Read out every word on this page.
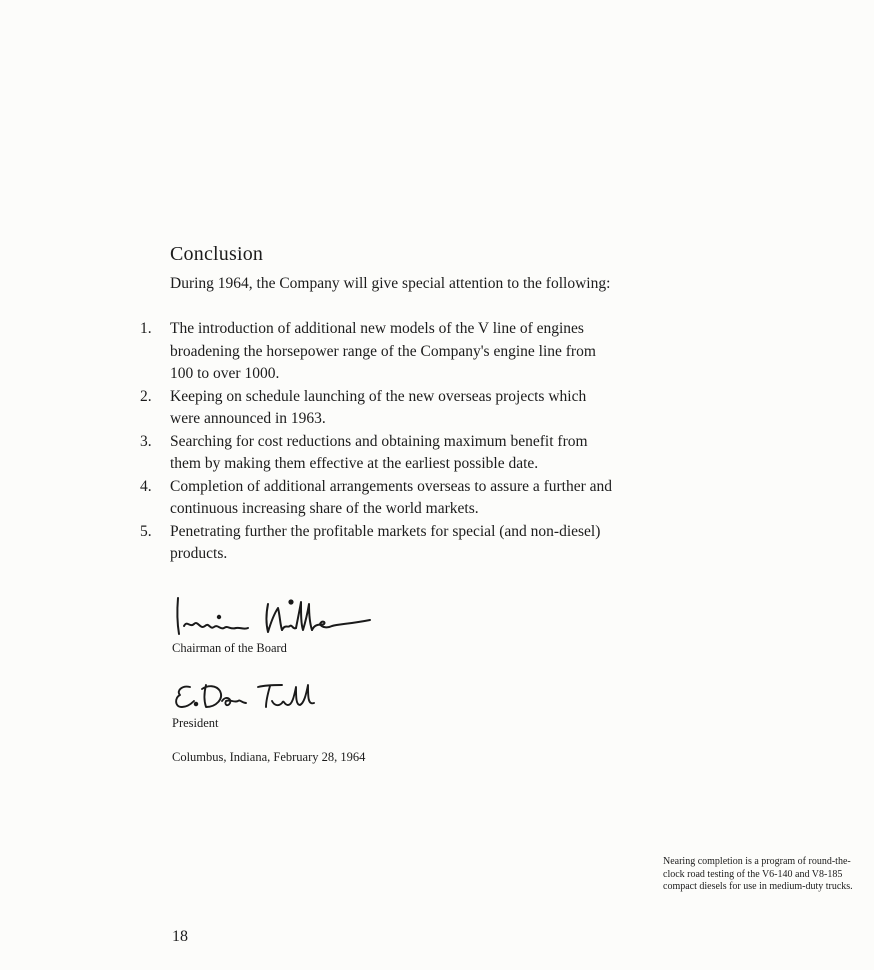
Conclusion
During 1964, the Company will give special attention to the following:
1.	The introduction of additional new models of the V line of engines broadening the horsepower range of the Company's engine line from 100 to over 1000.
2.	Keeping on schedule launching of the new overseas projects which were announced in 1963.
3.	Searching for cost reductions and obtaining maximum benefit from them by making them effective at the earliest possible date.
4.	Completion of additional arrangements overseas to assure a further and continuous increasing share of the world markets.
5.	Penetrating further the profitable markets for special (and non-diesel) products.
Chairman of the Board
President
Columbus, Indiana, February 28, 1964
Nearing completion is a program of round-the-clock road testing of the V6-140 and V8-185 compact diesels for use in medium-duty trucks.
18
